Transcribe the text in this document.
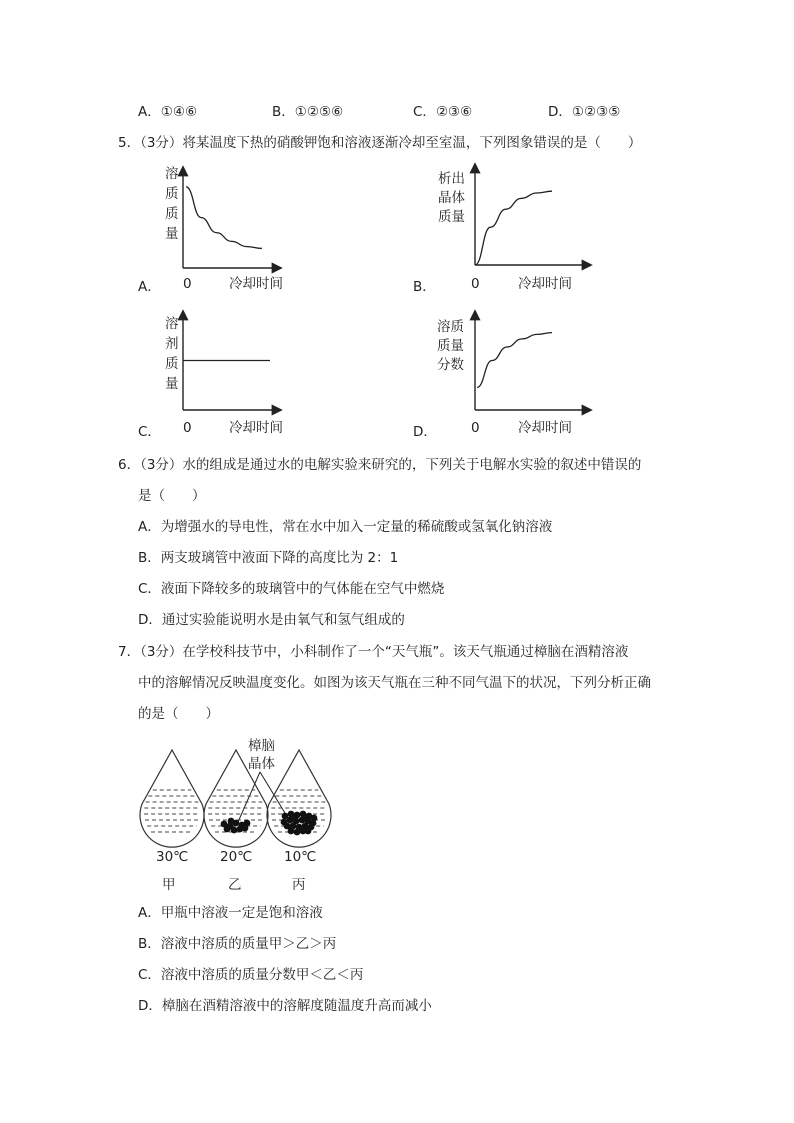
A．①④⑥	B．①②⑤⑥	C．②③⑥	D．①②③⑤
5．（3分）将某温度下热的硝酸钾饱和溶液逐渐冷却至室温，下列图象错误的是（　　）
A．	B．
C．	D．
溶
质
质
量
0	冷却时间
析出
晶体
质量
0	冷却时间
溶
剂
质
量
0	冷却时间
溶质
质量
分数
0	冷却时间
6．（3分）水的组成是通过水的电解实验来研究的，下列关于电解水实验的叙述中错误的
是（　　）
A．为增强水的导电性，常在水中加入一定量的稀硫酸或氢氧化钠溶液
B．两支玻璃管中液面下降的高度比为 2：1
C．液面下降较多的玻璃管中的气体能在空气中燃烧
D．通过实验能说明水是由氧气和氢气组成的
7．（3分）在学校科技节中，小科制作了一个“天气瓶”。该天气瓶通过樟脑在酒精溶液
中的溶解情况反映温度变化。如图为该天气瓶在三种不同气温下的状况，下列分析正确
的是（　　）
樟脑
晶体
30℃ 20℃ 10℃
甲	乙	丙
A．甲瓶中溶液一定是饱和溶液
B．溶液中溶质的质量甲＞乙＞丙
C．溶液中溶质的质量分数甲＜乙＜丙
D．樟脑在酒精溶液中的溶解度随温度升高而减小
